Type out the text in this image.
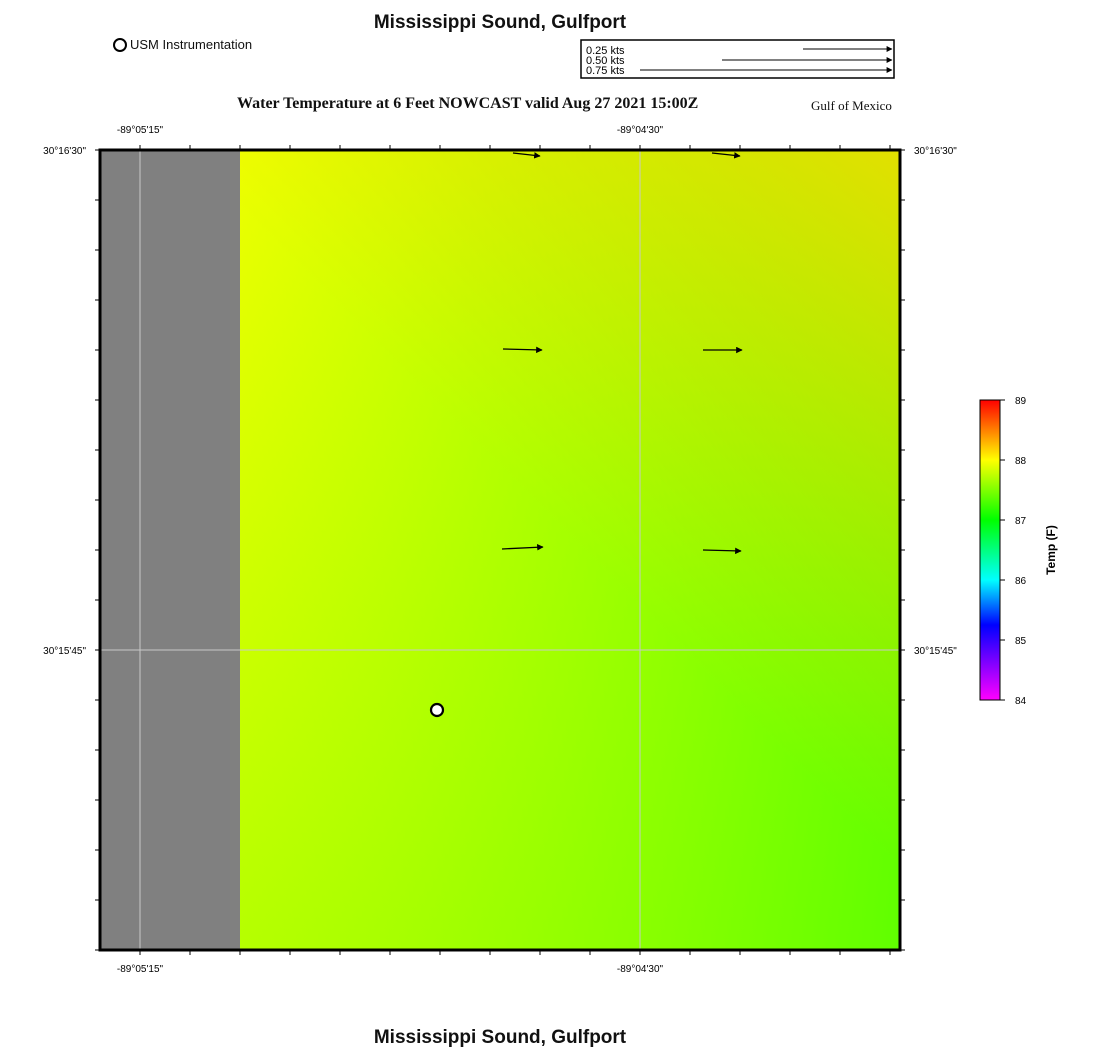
Mississippi Sound, Gulfport
USM Instrumentation	0.25 kts
0.50 kts
0.75 kts
Water Temperature at 6 Feet NOWCAST valid Aug 27 2021 15:00Z	Gulf of Mexico
-89°05'15"	-89°04'30"
-89°05'15"	-89°04'30"
30°16'30"
30°15'45"
30°16'30"
30°15'45"
89
88
87
86
85
84
Temp (F)
Mississippi Sound, Gulfport
